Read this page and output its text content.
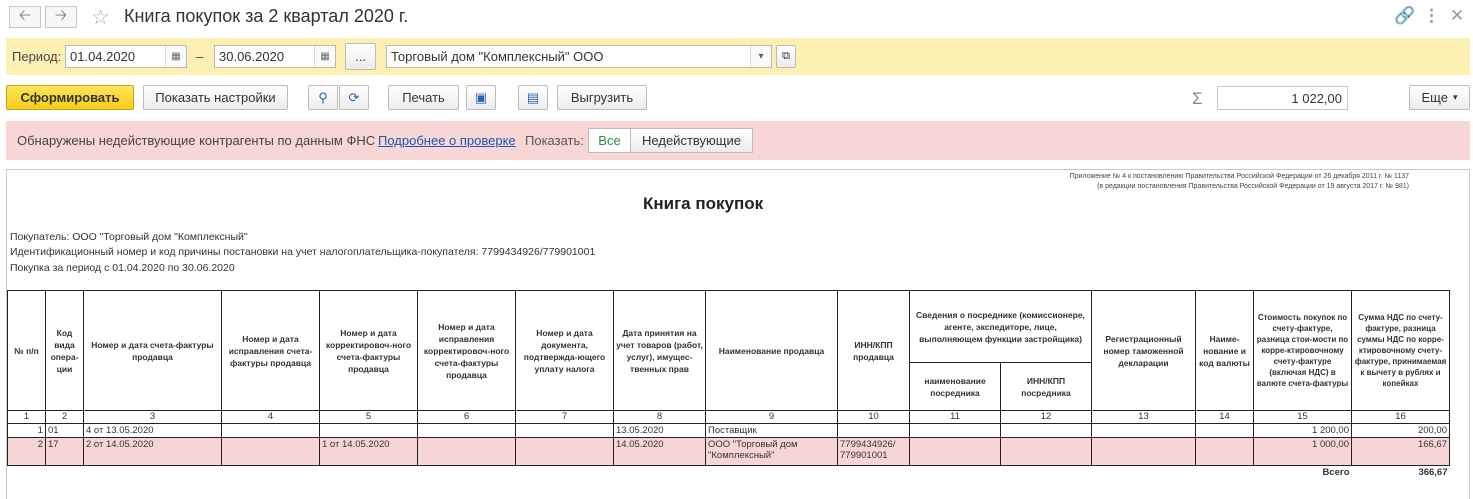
🡠 🡢 ☆ Книга покупок за 2 квартал 2020 г.	🔗 ⋮ ✕
Период: 01.04.2020	▦	–	30.06.2020	▦	...	Торговый дом "Комплексный" ООО	▾	⧉
Сформировать	Показать настройки	⚲ ⟳	Печать	▣	▤	Выгрузить	Σ	1 022,00	Еще ▾
Обнаружены недействующие контрагенты по данным ФНС Подробнее о проверке Показать:	Все	Недействующие
Приложение № 4 к постановлению Правительства Российской Федерации от 26 декабря 2011 г. № 1137
(в редакции постановления Правительства Российской Федерации от 19 августа 2017 г. № 981)
Книга покупок
Покупатель: ООО "Торговый дом "Комплексный"
Идентификационный номер и код причины постановки на учет налогоплательщика-покупателя: 7799434926/779901001
Покупка за период с 01.04.2020 по 30.06.2020
№ п/п	Код вида опера-ции	Номер и дата счета-фактуры продавца	Номер и дата исправления счета-фактуры продавца	Номер и дата корректировоч-ного счета-фактуры продавца	Номер и дата исправления корректировоч-ного счета-фактуры продавца	Номер и дата документа, подтвержда-ющего уплату налога	Дата принятия на учет товаров (работ, услуг), имущес-твенных прав	Наименование продавца	ИНН/КПП продавца	Сведения о посреднике (комиссионере, агенте, экспедиторе, лице, выполняющем функции застройщика)		Регистрационный номер таможенной декларации	Наиме-нование и код валюты	Стоимость покупок по счету-фактуре, разница стои-мости по корре-ктировочному счету-фактуре (включая НДС) в валюте счета-фактуры	Сумма НДС по счету-фактуре, разница суммы НДС по корре-ктировочному счету-фактуре, принимаемая к вычету в рублях и копейках
										наименование посредника	ИНН/КПП посредника				
1	2	3	4	5	6	7	8	9	10	11	12	13	14	15	16
1	01	4 от 13.05.2020					13.05.2020	Поставщик						1 200,00	200,00
2	17	2 от 14.05.2020		1 от 14.05.2020			14.05.2020	ООО "Торговый дом "Комплексный"	7799434926/ 779901001					1 000,00	166,67
Всего															366,67
